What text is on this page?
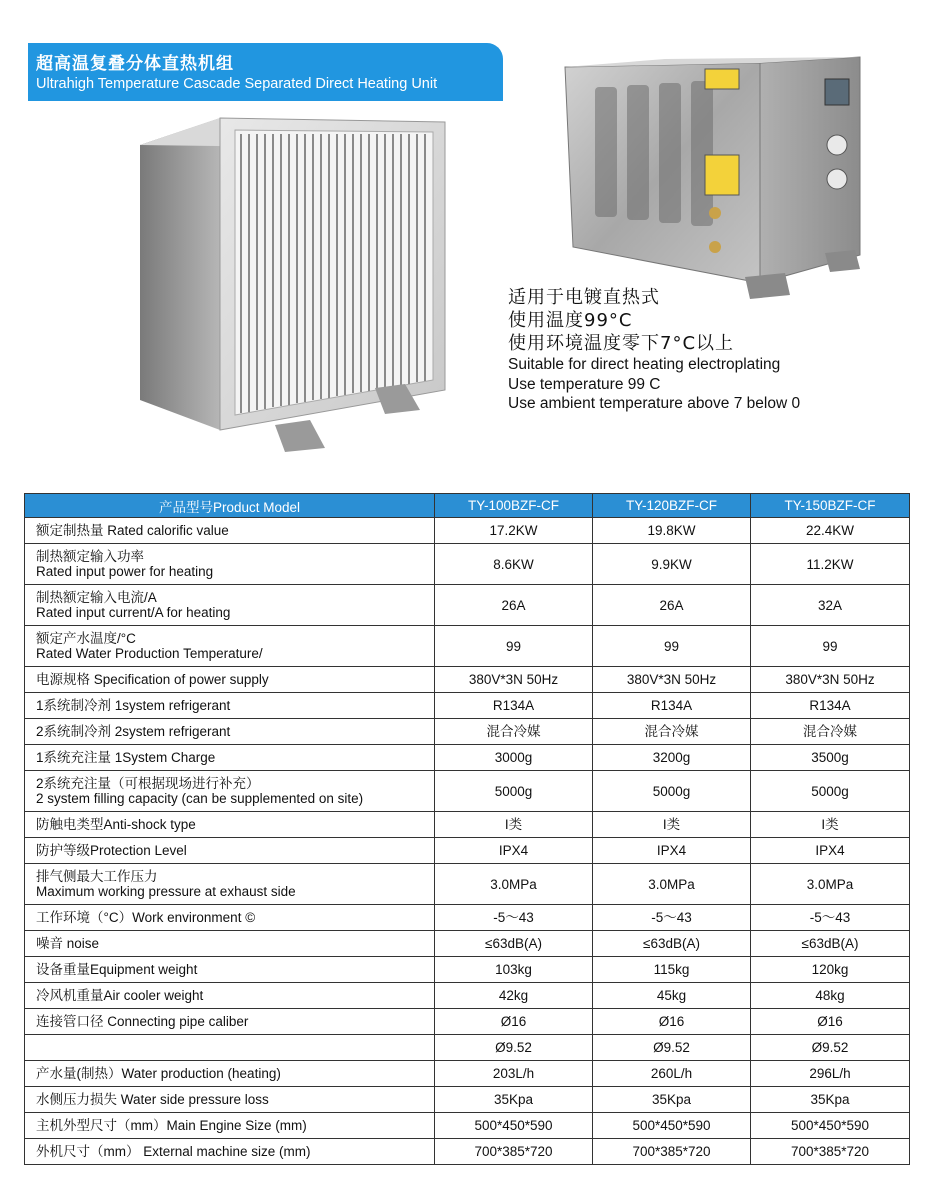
超高温复叠分体直热机组
Ultrahigh Temperature Cascade Separated Direct Heating Unit
适用于电镀直热式
使用温度99°C
使用环境温度零下7°C以上
Suitable for direct heating electroplating
Use temperature 99 C
Use ambient temperature above 7 below 0
产品型号Product Model	TY-100BZF-CF	TY-120BZF-CF	TY-150BZF-CF
额定制热量 Rated calorific value	17.2KW	19.8KW	22.4KW

制热额定输入功率
Rated input power for heating	8.6KW	9.9KW	11.2KW

制热额定输入电流/A
Rated input current/A for heating	26A	26A	32A

额定产水温度/°C
Rated Water Production Temperature/	99	99	99
电源规格 Specification of power supply	380V*3N 50Hz	380V*3N 50Hz	380V*3N 50Hz
1系统制冷剂 1system refrigerant	R134A	R134A	R134A
2系统制冷剂 2system refrigerant	混合冷媒	混合冷媒	混合冷媒
1系统充注量 1System Charge	3000g	3200g	3500g

2系统充注量（可根据现场进行补充）
2 system filling capacity (can be supplemented on site)	5000g	5000g	5000g
防触电类型Anti-shock type	I类	I类	I类
防护等级Protection Level	IPX4	IPX4	IPX4

排气侧最大工作压力
Maximum working pressure at exhaust side	3.0MPa	3.0MPa	3.0MPa
工作环境（°C）Work environment ©	-5～43	-5～43	-5～43
噪音 noise	≤63dB(A)	≤63dB(A)	≤63dB(A)
设备重量Equipment weight	103kg	115kg	120kg
冷风机重量Air cooler weight	42kg	45kg	48kg
连接管口径 Connecting pipe caliber	Ø16	Ø16	Ø16
	Ø9.52	Ø9.52	Ø9.52
产水量(制热）Water production (heating)	203L/h	260L/h	296L/h
水侧压力损失 Water side pressure loss	35Kpa	35Kpa	35Kpa
主机外型尺寸（mm）Main Engine Size (mm)	500*450*590	500*450*590	500*450*590
外机尺寸（mm） External machine size (mm)	700*385*720	700*385*720	700*385*720
